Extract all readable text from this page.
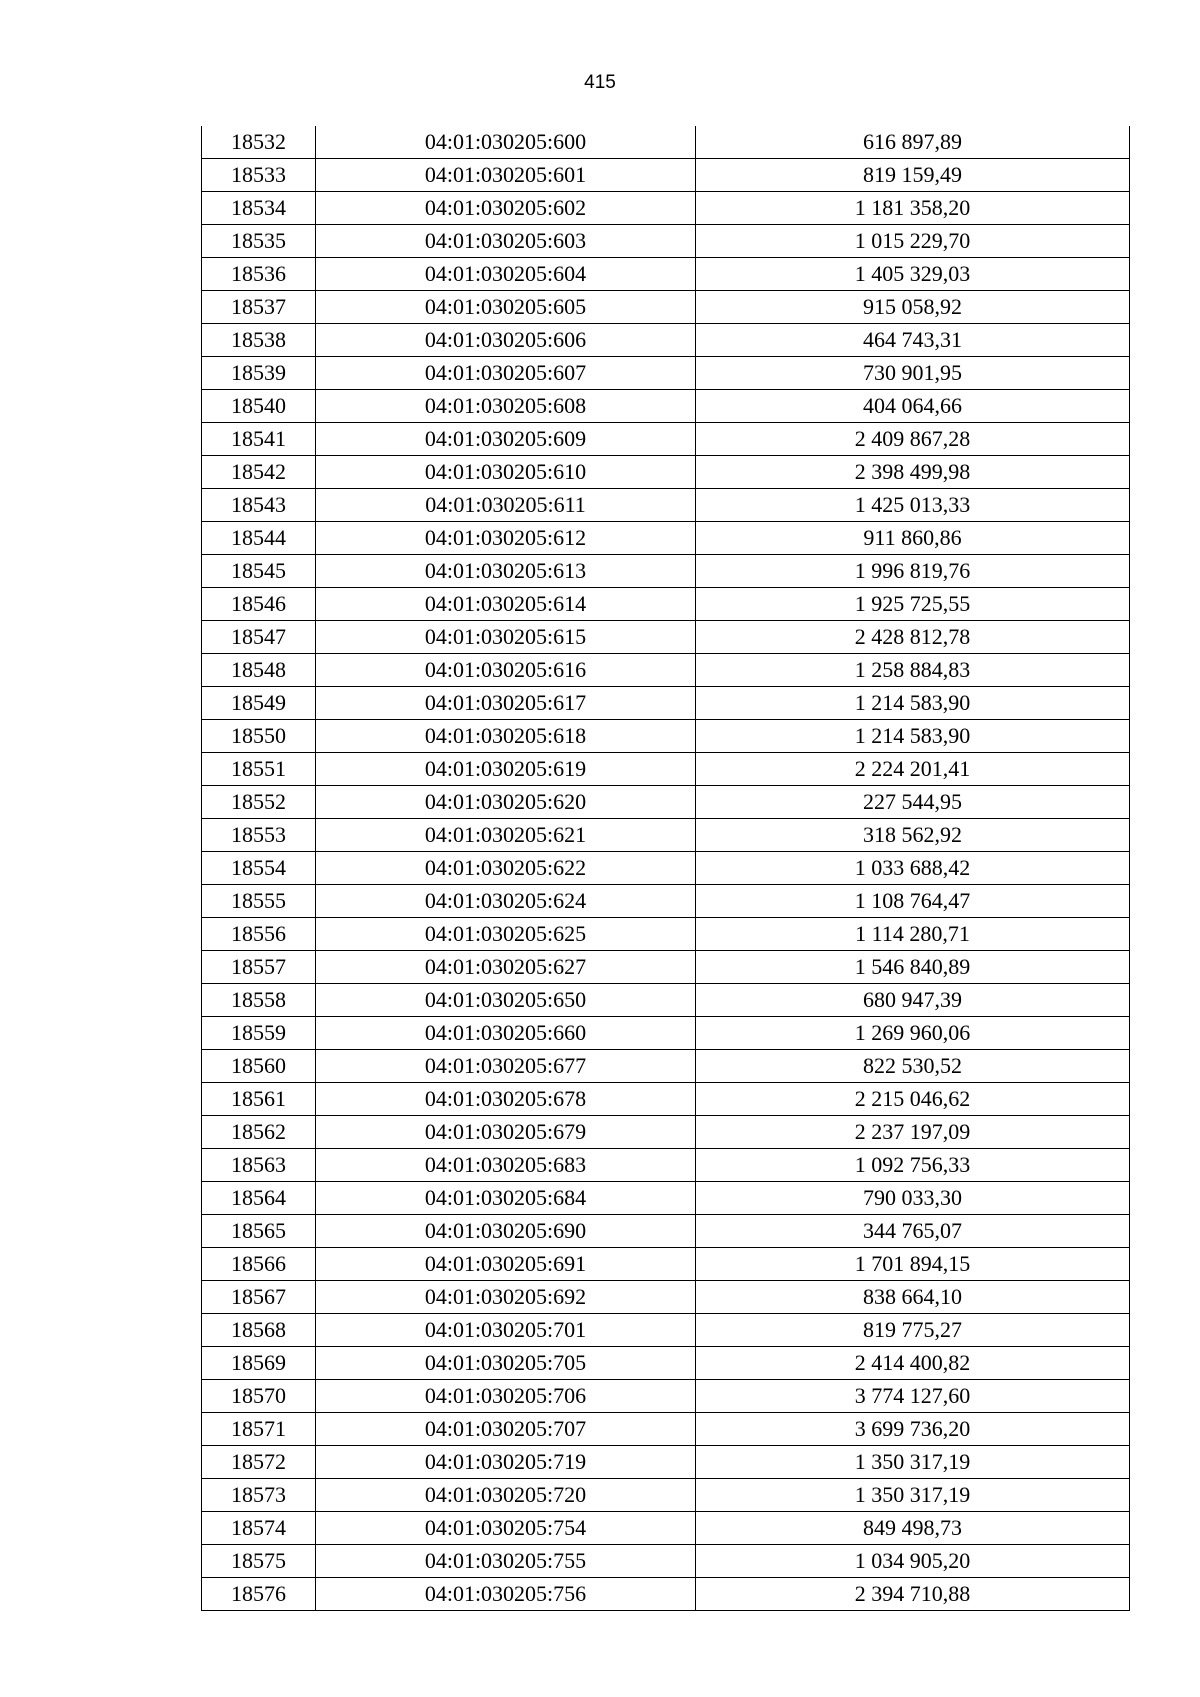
415
18532	04:01:030205:600	616 897,89
18533	04:01:030205:601	819 159,49
18534	04:01:030205:602	1 181 358,20
18535	04:01:030205:603	1 015 229,70
18536	04:01:030205:604	1 405 329,03
18537	04:01:030205:605	915 058,92
18538	04:01:030205:606	464 743,31
18539	04:01:030205:607	730 901,95
18540	04:01:030205:608	404 064,66
18541	04:01:030205:609	2 409 867,28
18542	04:01:030205:610	2 398 499,98
18543	04:01:030205:611	1 425 013,33
18544	04:01:030205:612	911 860,86
18545	04:01:030205:613	1 996 819,76
18546	04:01:030205:614	1 925 725,55
18547	04:01:030205:615	2 428 812,78
18548	04:01:030205:616	1 258 884,83
18549	04:01:030205:617	1 214 583,90
18550	04:01:030205:618	1 214 583,90
18551	04:01:030205:619	2 224 201,41
18552	04:01:030205:620	227 544,95
18553	04:01:030205:621	318 562,92
18554	04:01:030205:622	1 033 688,42
18555	04:01:030205:624	1 108 764,47
18556	04:01:030205:625	1 114 280,71
18557	04:01:030205:627	1 546 840,89
18558	04:01:030205:650	680 947,39
18559	04:01:030205:660	1 269 960,06
18560	04:01:030205:677	822 530,52
18561	04:01:030205:678	2 215 046,62
18562	04:01:030205:679	2 237 197,09
18563	04:01:030205:683	1 092 756,33
18564	04:01:030205:684	790 033,30
18565	04:01:030205:690	344 765,07
18566	04:01:030205:691	1 701 894,15
18567	04:01:030205:692	838 664,10
18568	04:01:030205:701	819 775,27
18569	04:01:030205:705	2 414 400,82
18570	04:01:030205:706	3 774 127,60
18571	04:01:030205:707	3 699 736,20
18572	04:01:030205:719	1 350 317,19
18573	04:01:030205:720	1 350 317,19
18574	04:01:030205:754	849 498,73
18575	04:01:030205:755	1 034 905,20
18576	04:01:030205:756	2 394 710,88
